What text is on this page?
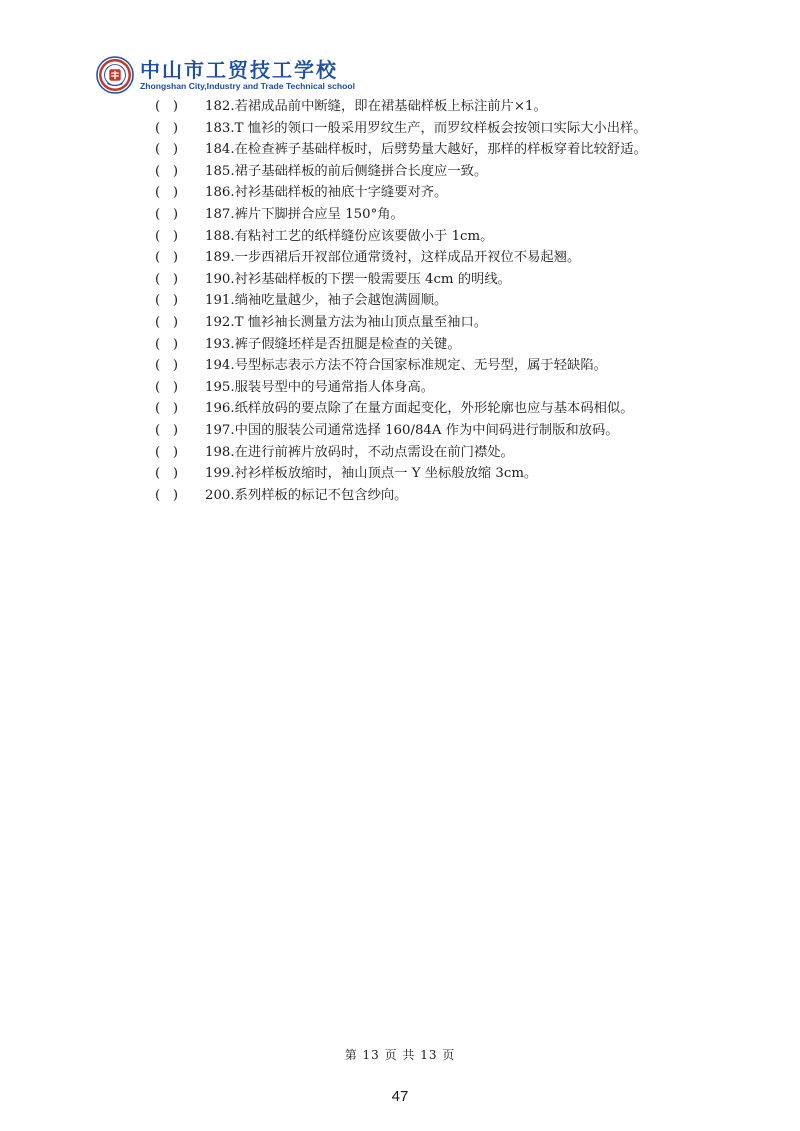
中山市工贸技工学校
Zhongshan City,Industry and Trade Technical school
(   )	182.若裙成品前中断缝，即在裙基础样板上标注前片×1。
(   )	183.T 恤衫的领口一般采用罗纹生产，而罗纹样板会按领口实际大小出样。
(   )	184.在检查裤子基础样板时，后劈势量大越好，那样的样板穿着比较舒适。
(   )	185.裙子基础样板的前后侧缝拼合长度应一致。
(   )	186.衬衫基础样板的袖底十字缝要对齐。
(   )	187.裤片下脚拼合应呈 150°角。
(   )	188.有粘衬工艺的纸样缝份应该要做小于 1cm。
(   )	189.一步西裙后开衩部位通常烫衬，这样成品开衩位不易起翘。
(   )	190.衬衫基础样板的下摆一般需要压 4cm 的明线。
(   )	191.绱袖吃量越少，袖子会越饱满圆顺。
(   )	192.T 恤衫袖长测量方法为袖山顶点量至袖口。
(   )	193.裤子假缝坯样是否扭腿是检查的关键。
(   )	194.号型标志表示方法不符合国家标准规定、无号型，属于轻缺陷。
(   )	195.服装号型中的号通常指人体身高。
(   )	196.纸样放码的要点除了在量方面起变化，外形轮廓也应与基本码相似。
(   )	197.中国的服装公司通常选择 160/84A 作为中间码进行制版和放码。
(   )	198.在进行前裤片放码时，不动点需设在前门襟处。
(   )	199.衬衫样板放缩时，袖山顶点一 Y 坐标般放缩 3cm。
(   )	200.系列样板的标记不包含纱向。
第 13 页 共 13 页
47
